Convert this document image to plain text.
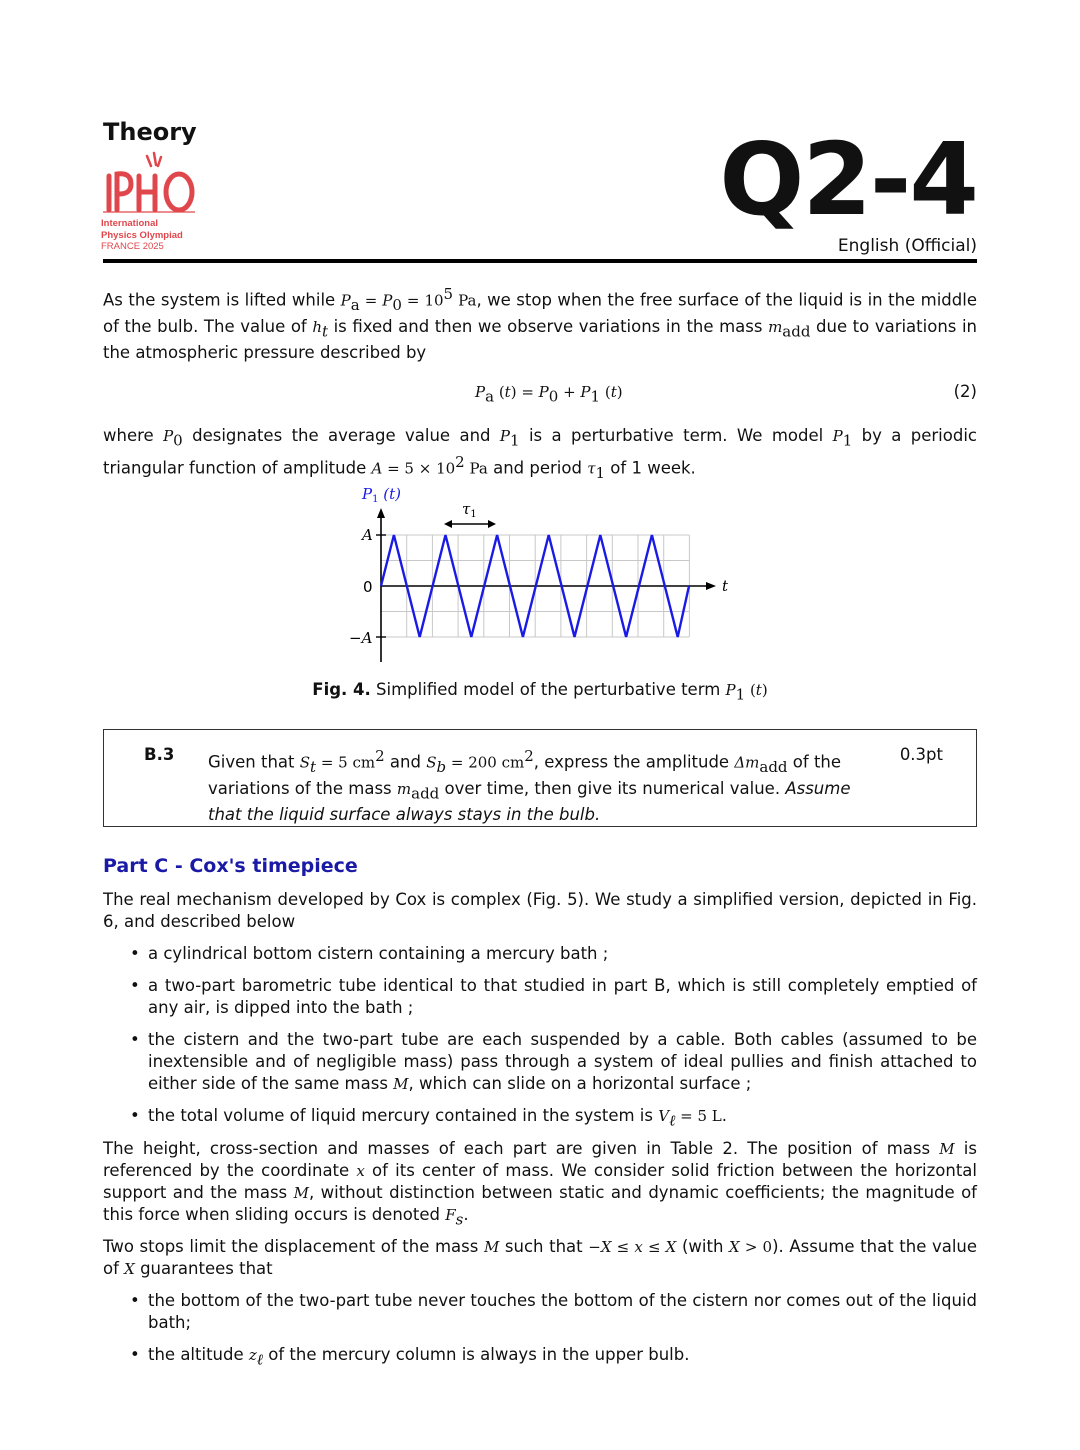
Theory
International
Physics Olympiad
FRANCE 2025
Q2-4
English (Official)
As the system is lifted while $P_a = P_0 = 10^5$ Pa, we stop when the free surface of the liquid is in the middle of the bulb. The value of $h_t$ is fixed and then we observe variations in the mass $m_{add}$ due to variations in the atmospheric pressure described by
$P_a$ $(t) = P_0 + P_1$ (t)	(2)
where $P_0$ designates the average value and $P_1$ is a perturbative term. We model $P_1$ by a periodic triangular function of amplitude $A = 5 \times 10^2$ Pa and period $\tau_1$ of 1 week.
A
0
−A
$P_1$ (t)
t
$\tau_1$
Fig. 4. Simplified model of the perturbative term $P_1$ (t)
B.3 Given that $S_t = 5$ $cm^2$ and $S_b = 200$ $cm^2$, express the amplitude $\Delta m_{add}$ of the variations of the mass $m_{add}$ over time, then give its numerical value. Assume that the liquid surface always stays in the bulb.
0.3pt
Part C - Cox's timepiece
The real mechanism developed by Cox is complex (Fig. 5). We study a simplified version, depicted in Fig. 6, and described below
• a cylindrical bottom cistern containing a mercury bath ;
• a two-part barometric tube identical to that studied in part B, which is still completely emptied of any air, is dipped into the bath ;
• the cistern and the two-part tube are each suspended by a cable. Both cables (assumed to be inextensible and of negligible mass) pass through a system of ideal pullies and finish attached to either side of the same mass M, which can slide on a horizontal surface ;
• the total volume of liquid mercury contained in the system is $V_\ell = 5$ L.
The height, cross-section and masses of each part are given in Table 2. The position of mass M is referenced by the coordinate x of its center of mass. We consider solid friction between the horizontal support and the mass M, without distinction between static and dynamic coefficients; the magnitude of this force when sliding occurs is denoted $F_s$.
Two stops limit the displacement of the mass M such that −X ≤ x ≤ X (with X > 0). Assume that the value of X guarantees that
• the bottom of the two-part tube never touches the bottom of the cistern nor comes out of the liquid bath;
• the altitude $z_\ell$ of the mercury column is always in the upper bulb.
